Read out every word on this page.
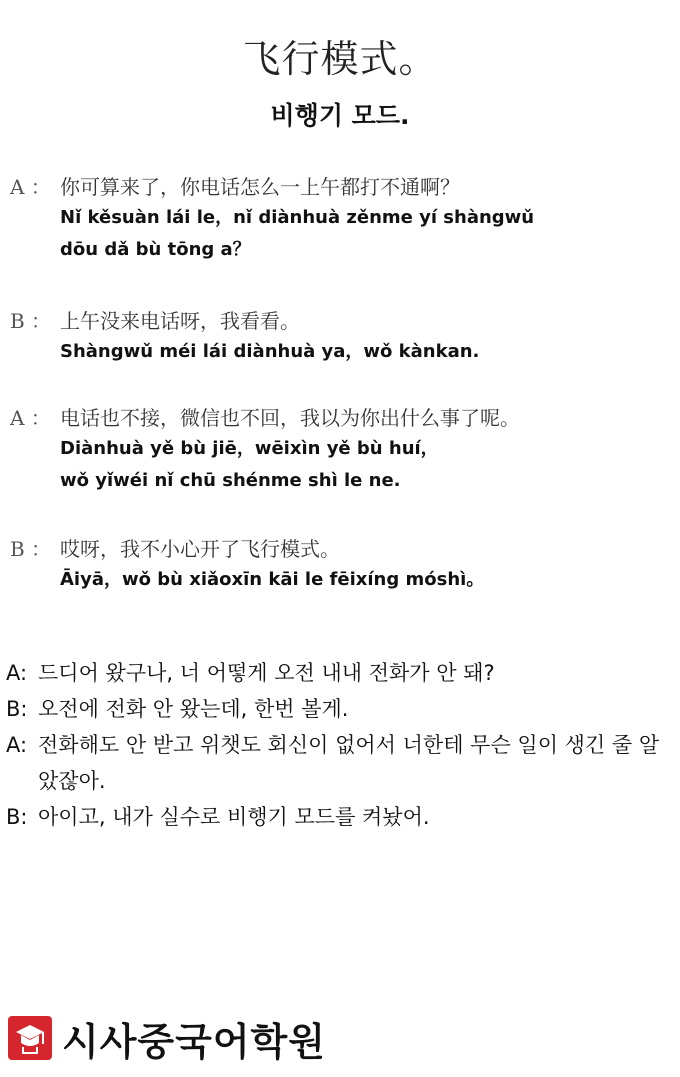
飞行模式。
비행기 모드.
A ： 你可算来了，你电话怎么一上午都打不通啊？
Nǐ kěsuàn lái le，nǐ diànhuà zěnme yí shàngwǔ
dōu dǎ bù tōng a？
B ： 上午没来电话呀，我看看。
Shàngwǔ méi lái diànhuà ya，wǒ kànkan.
A ： 电话也不接，微信也不回，我以为你出什么事了呢。
Diànhuà yě bù jiē，wēixìn yě bù huí，
wǒ yǐwéi nǐ chū shénme shì le ne.
B ： 哎呀，我不小心开了飞行模式。
Āiyā，wǒ bù xiǎoxīn kāi le fēixíng móshì。
A: 드디어 왔구나, 너 어떻게 오전 내내 전화가 안 돼?
B: 오전에 전화 안 왔는데, 한번 볼게.
A: 전화해도 안 받고 위챗도 회신이 없어서 너한테 무슨 일이 생긴 줄 알았잖아.
B: 아이고, 내가 실수로 비행기 모드를 켜놨어.
시사중국어학원
